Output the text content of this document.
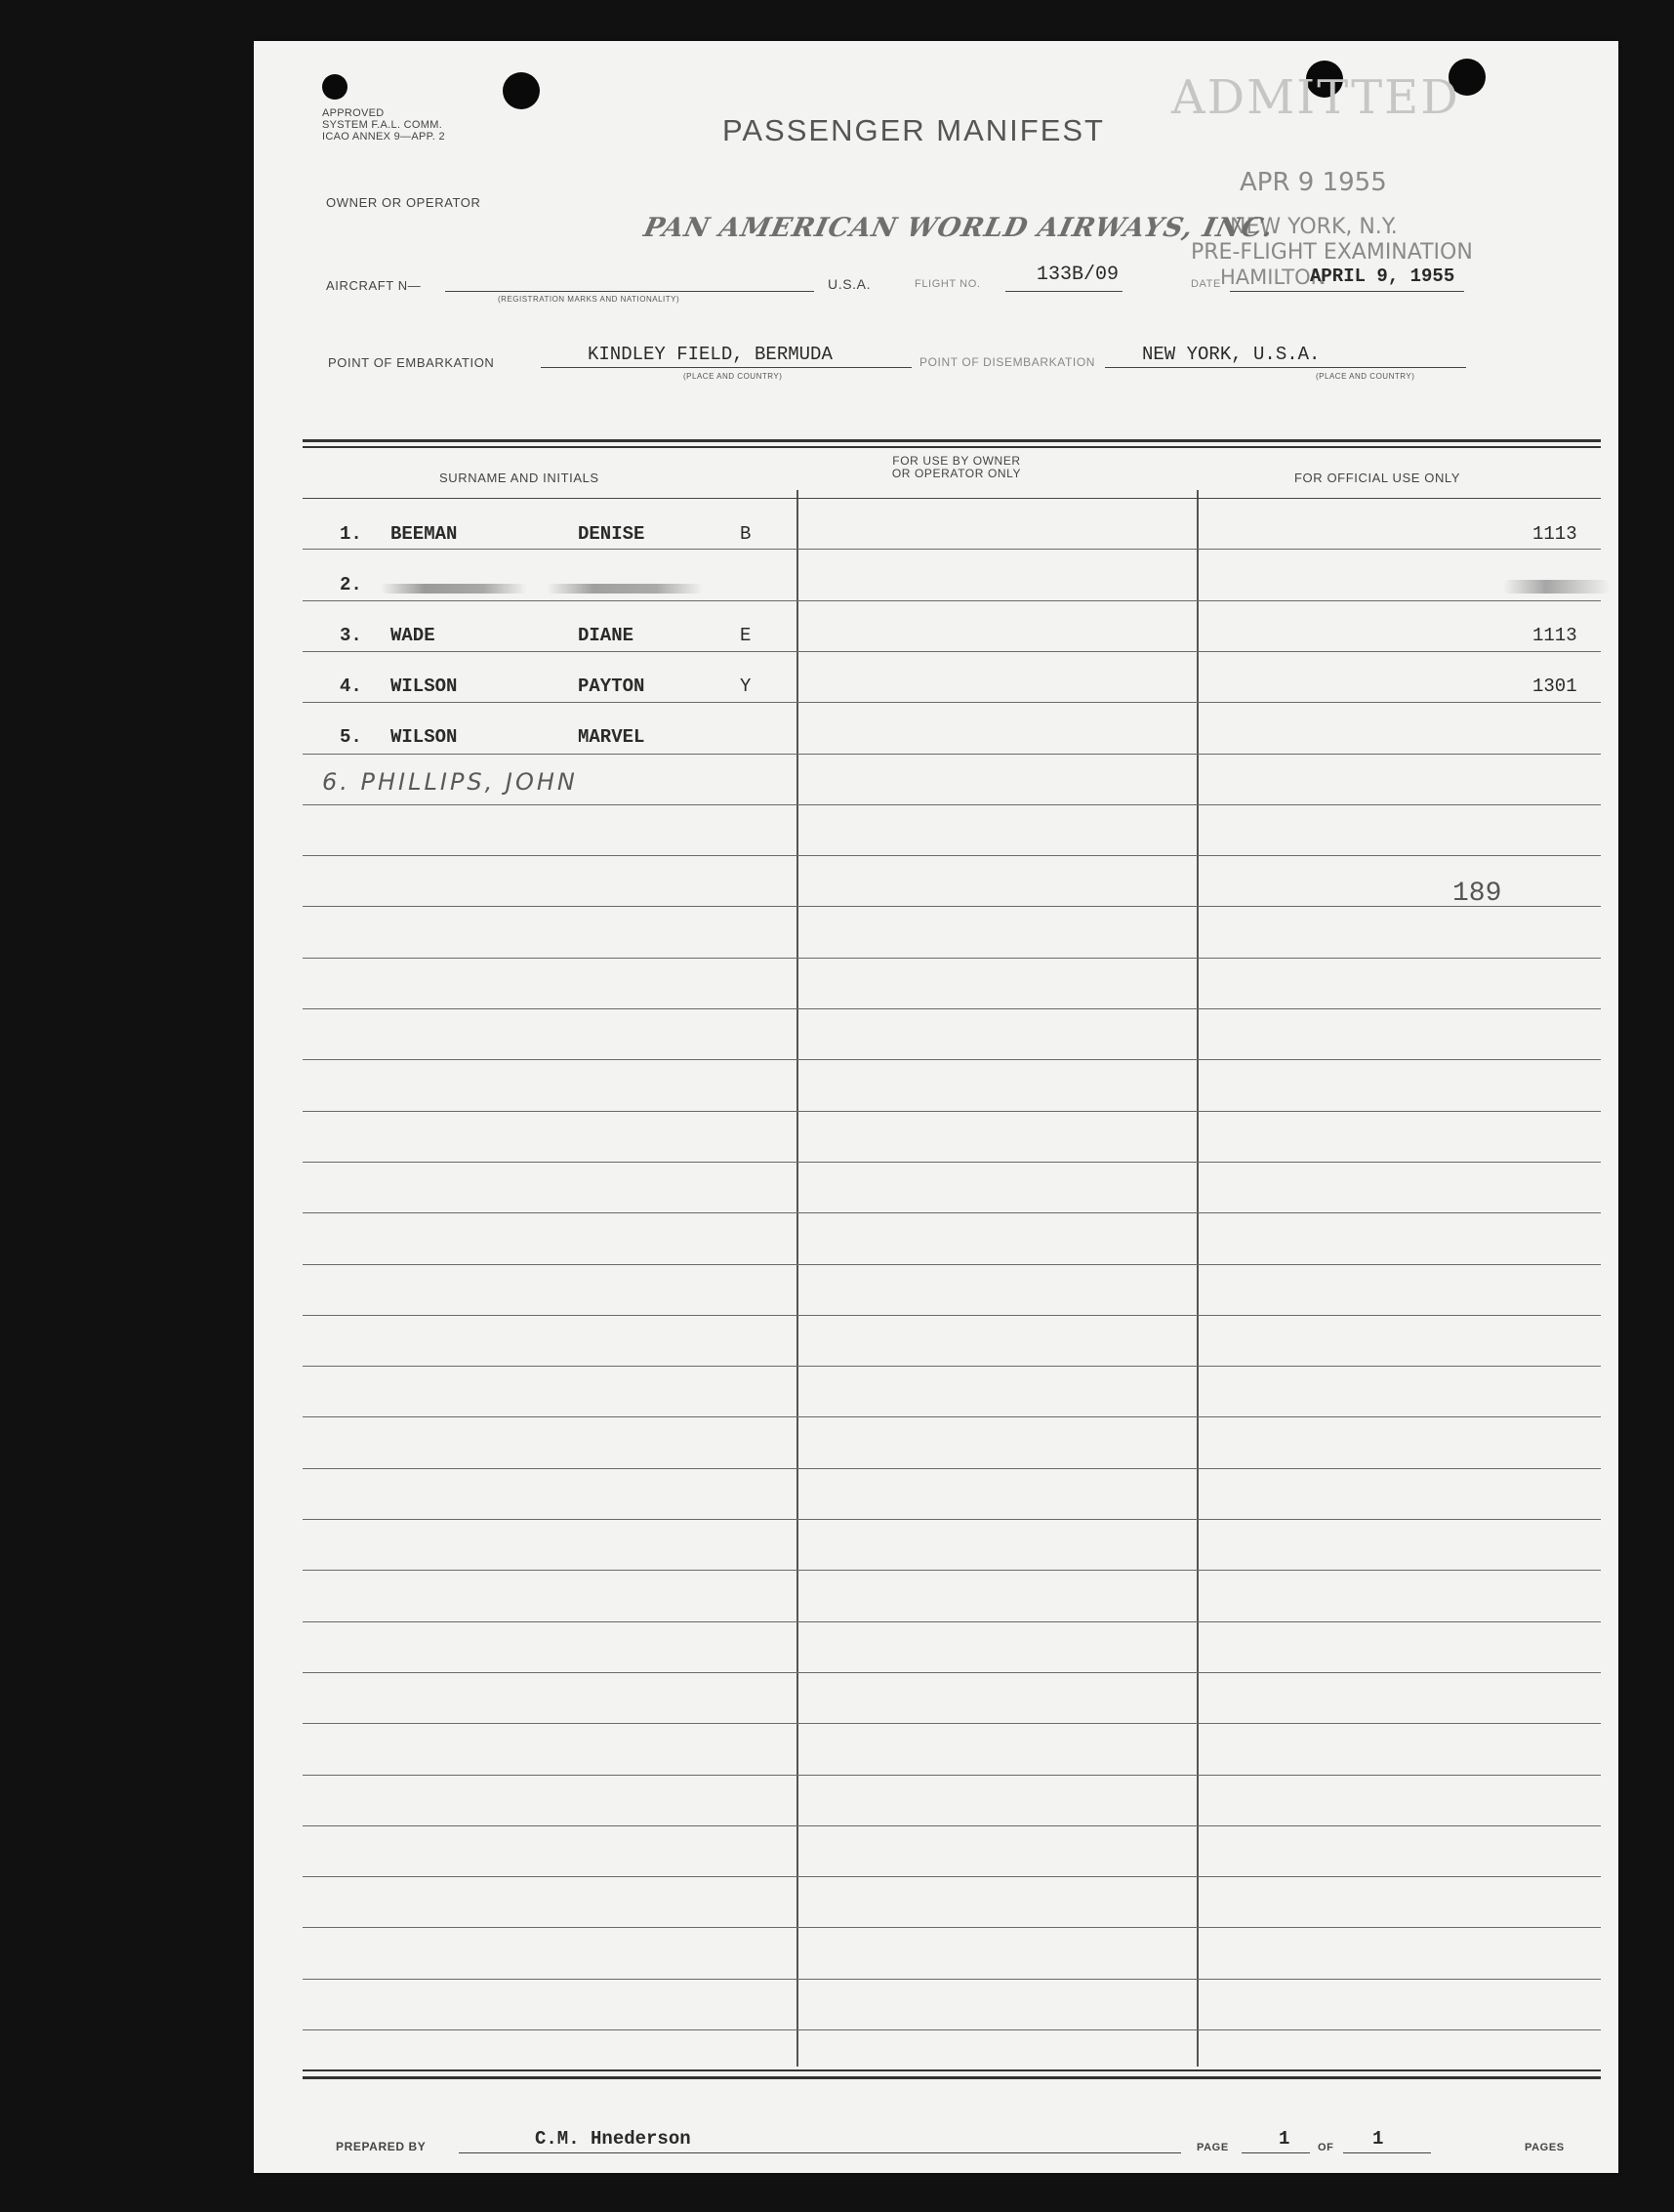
APPROVED
SYSTEM F.A.L. COMM.
ICAO ANNEX 9—APP. 2	PASSENGER MANIFEST
ADMITTED
APR 9 1955
NEW YORK, N.Y.
PRE-FLIGHT EXAMINATION
HAMILTON
OWNER OR OPERATOR
PAN AMERICAN WORLD AIRWAYS, INC.
AIRCRAFT N—
(REGISTRATION MARKS AND NATIONALITY)
U.S.A.	FLIGHT NO.	133B/09	DATE	APRIL 9, 1955
POINT OF EMBARKATION	KINDLEY FIELD, BERMUDA
(PLACE AND COUNTRY)
POINT OF DISEMBARKATION	NEW YORK, U.S.A.
(PLACE AND COUNTRY)
SURNAME AND INITIALS
FOR USE BY OWNER
OR OPERATOR ONLY	FOR OFFICIAL USE ONLY
1. BEEMAN	DENISE	B	1113
2.
3. WADE	DIANE	E	1113
4. WILSON	PAYTON	Y	1301
5. WILSON	MARVEL
6. PHILLIPS, JOHN
189
PREPARED BY	C.M. Hnederson	PAGE	1	OF 1	PAGES
